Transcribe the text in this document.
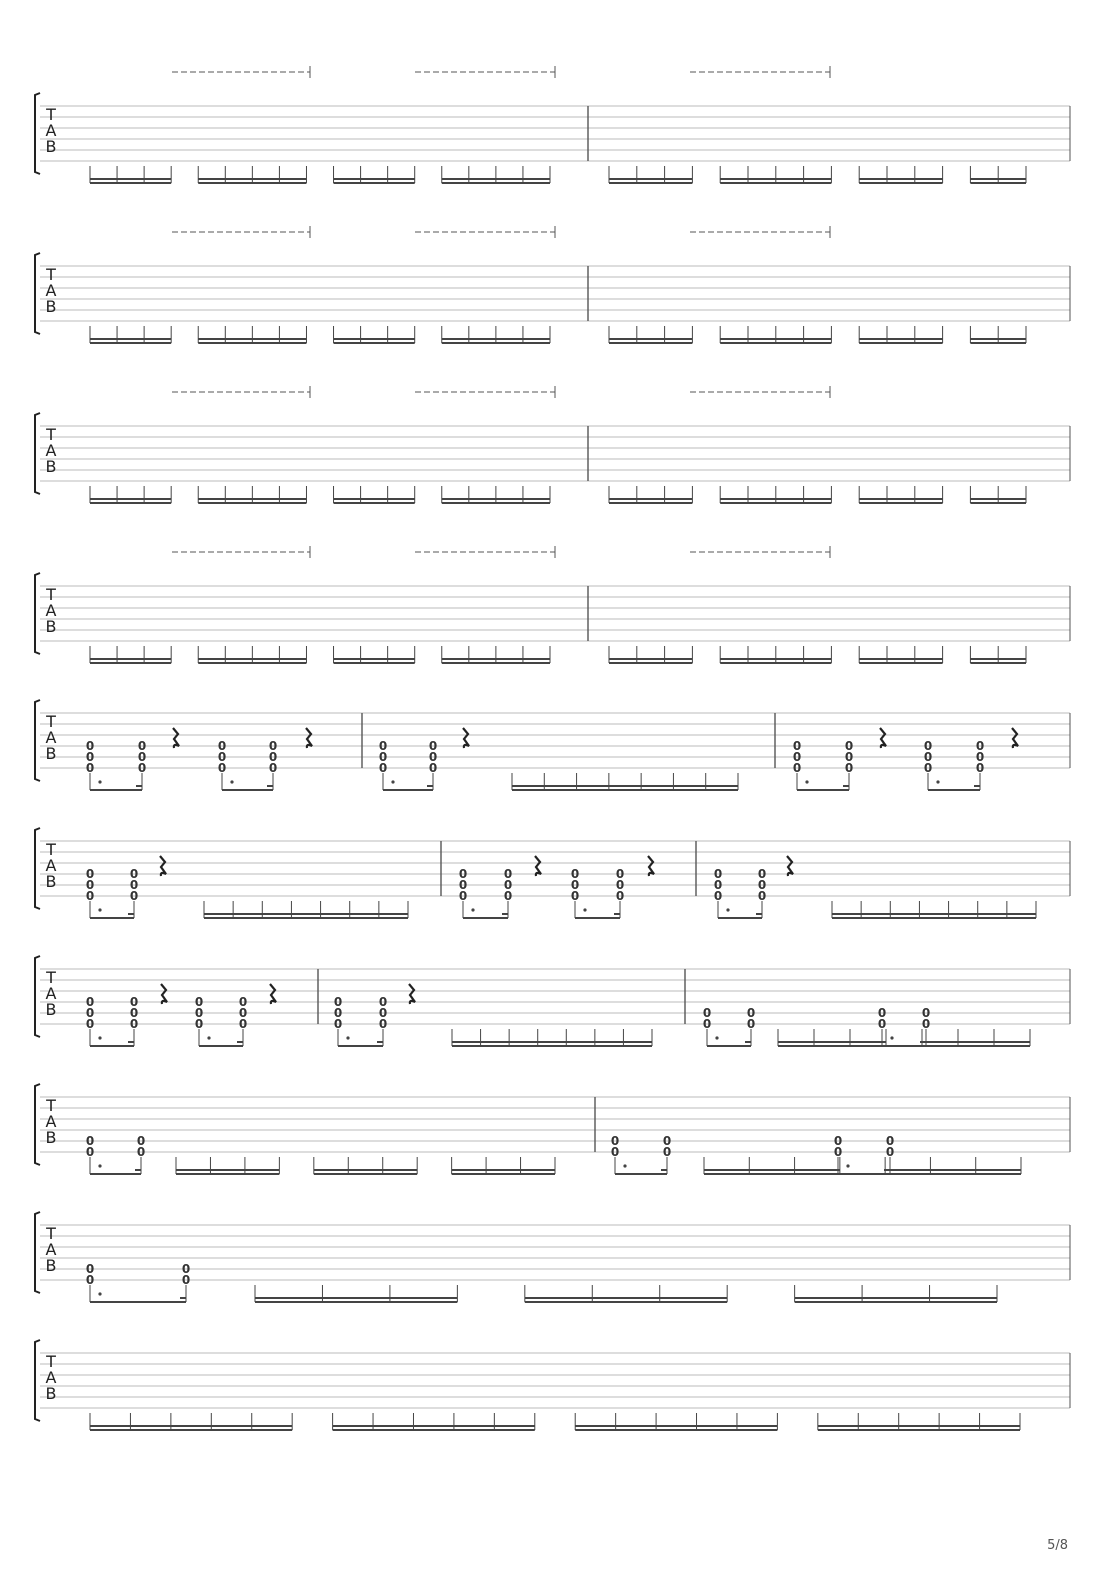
T
A
B
T
A
B
T
A
B
T
A
B
T
A
B
0
0
0
0
0
0
0
0
0
0
0
0
0
0
0
0
0
0
0
0
0
0
0
0
0
0
0
0
0
0
T
A
B
0
0
0
0
0
0
0
0
0
0
0
0
0
0
0
0
0
0
0
0
0
0
0
0
T
A
B
0
0
0
0
0
0
0
0
0
0
0
0
0
0
0
0
0
0
0
0
0
0
0
0
0
0
T
A
B
0
0
0
0
0
0
0
0
0
0
0
0
T
A
B
0
0
0
0
T
A
B
5/8
